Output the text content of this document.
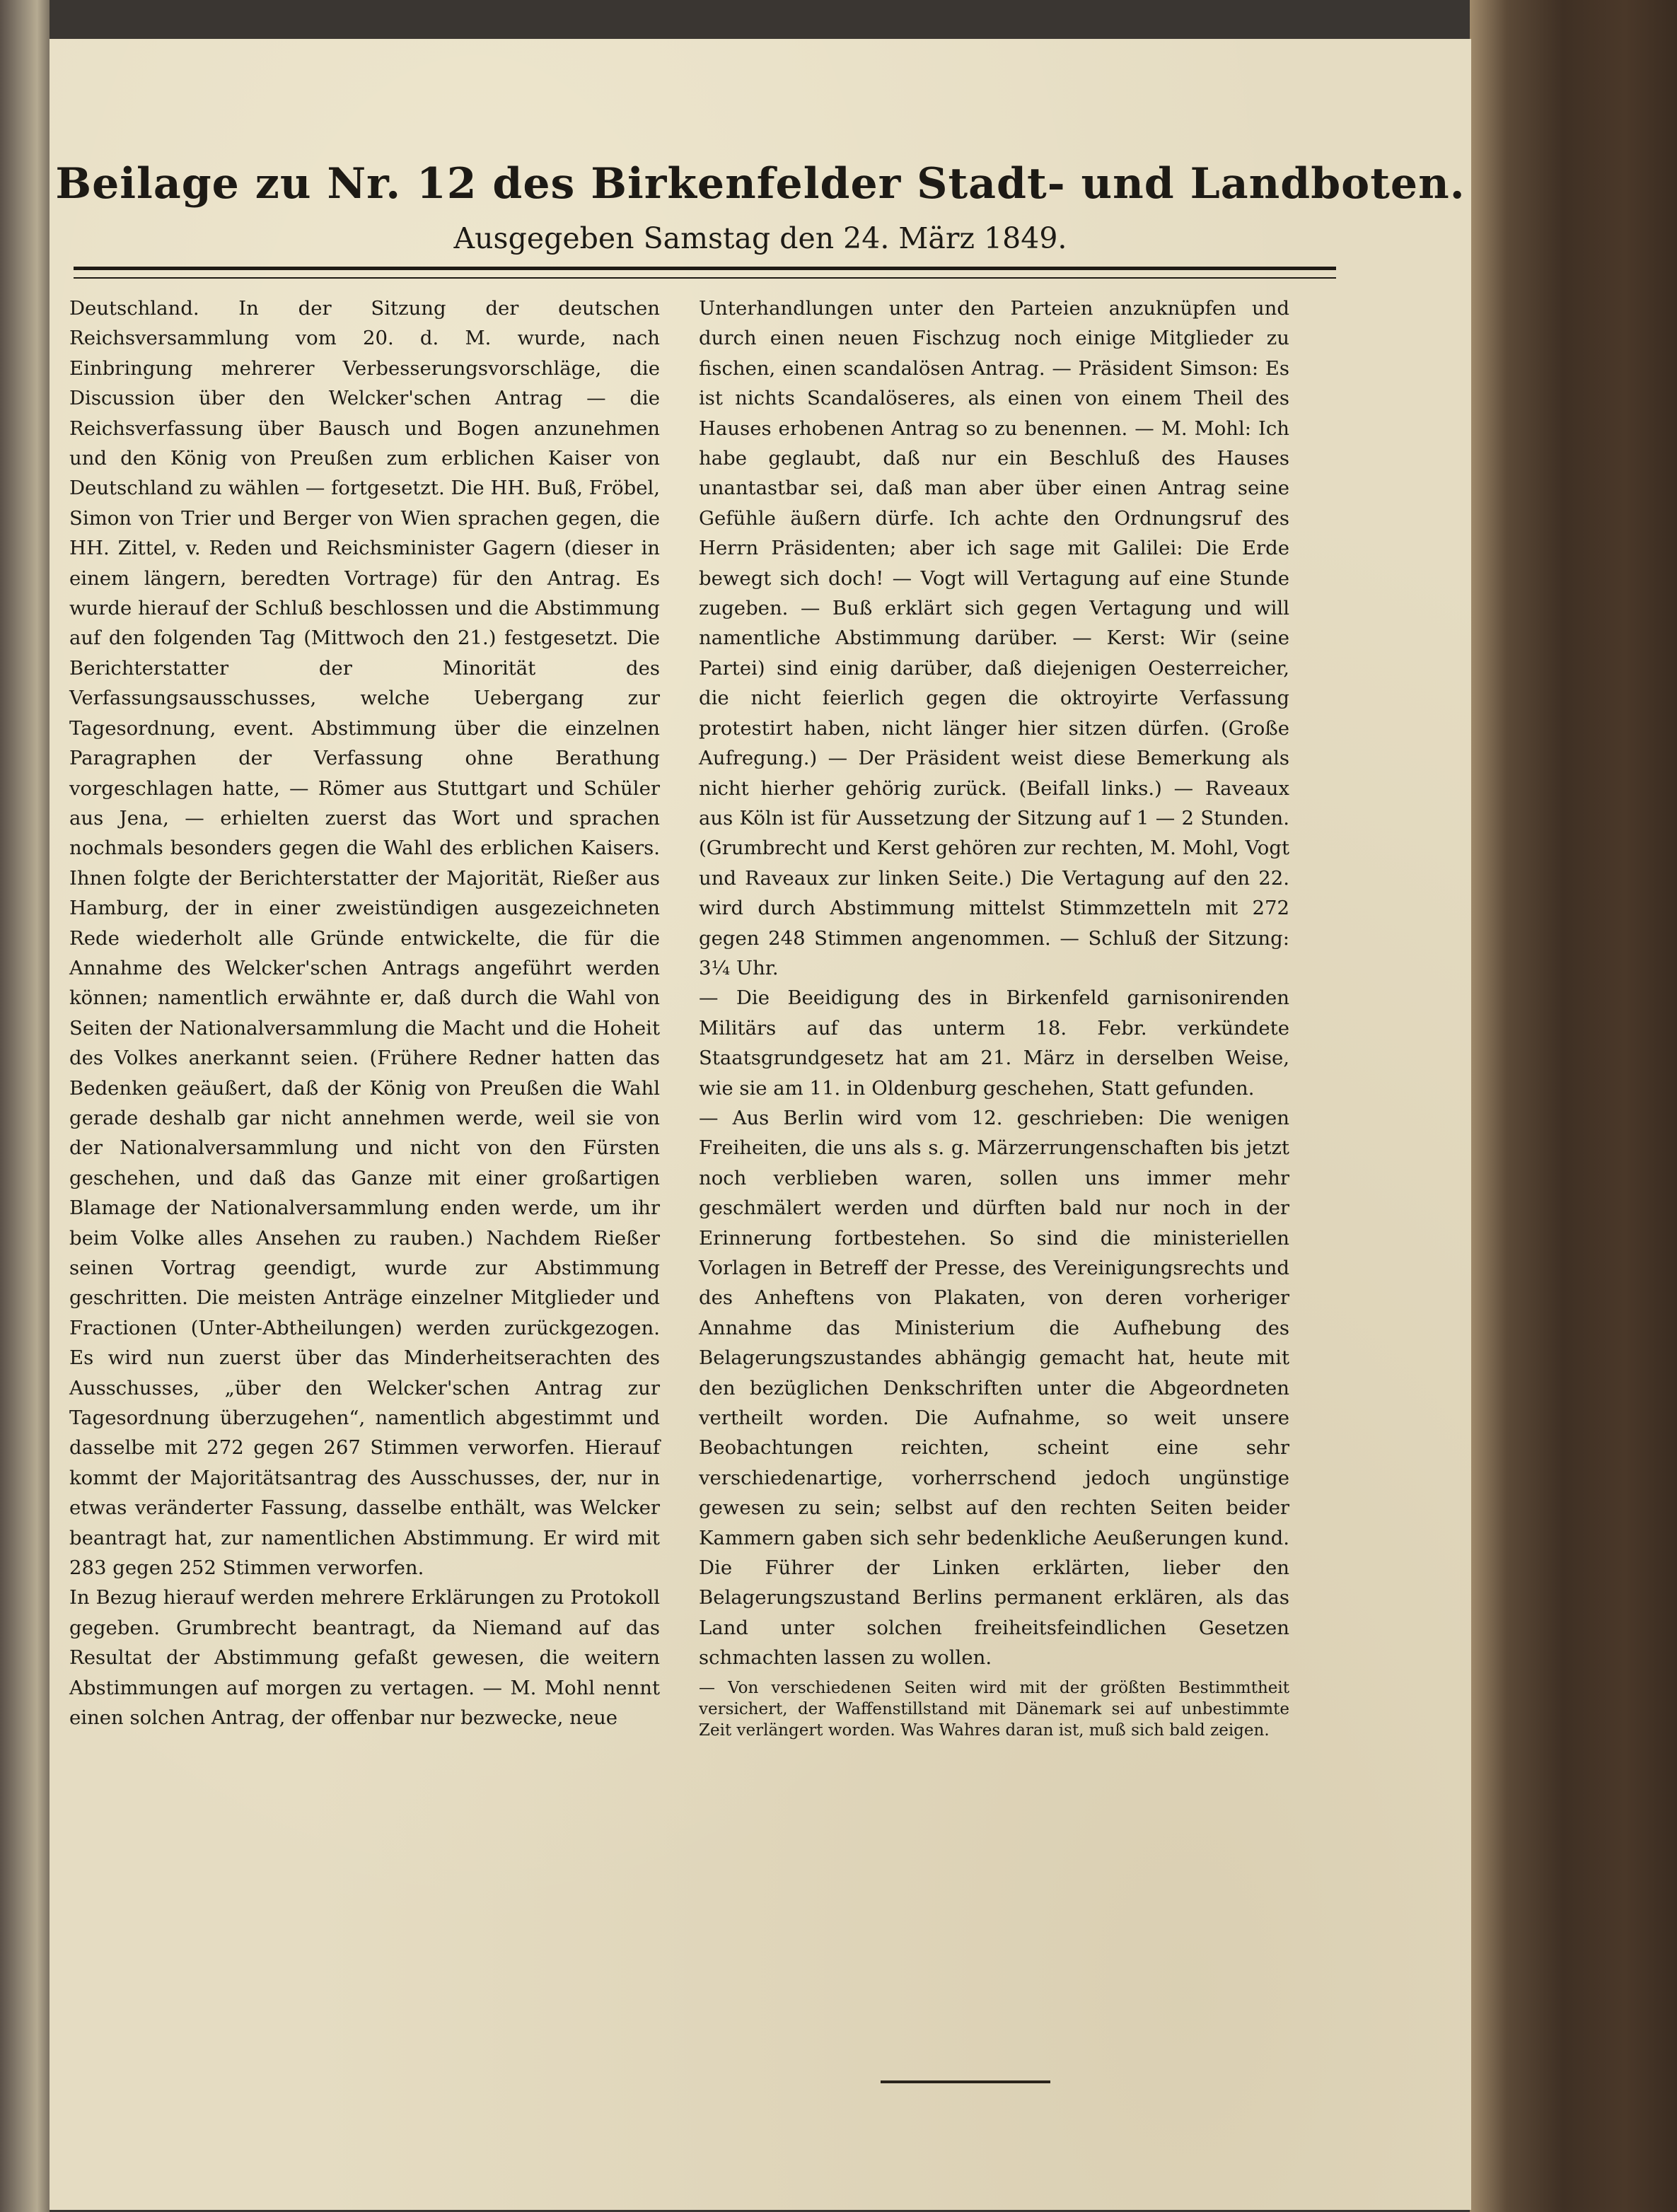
Beilage zu Nr. 12 des Birkenfelder Stadt- und Landboten.
Ausgegeben Samstag den 24. März 1849.

Deutschland. In der Sitzung der deutschen Reichsversammlung vom 20. d. M. wurde, nach Einbringung mehrerer Verbesserungsvorschläge, die Discussion über den Welcker'schen Antrag — die Reichsverfassung über Bausch und Bogen anzunehmen und den König von Preußen zum erblichen Kaiser von Deutschland zu wählen — fortgesetzt. Die HH. Buß, Fröbel, Simon von Trier und Berger von Wien sprachen gegen, die HH. Zittel, v. Reden und Reichsminister Gagern (dieser in einem längern, beredten Vortrage) für den Antrag. Es wurde hierauf der Schluß beschlossen und die Abstimmung auf den folgenden Tag (Mittwoch den 21.) festgesetzt. Die Berichterstatter der Minorität des Verfassungsausschusses, welche Uebergang zur Tagesordnung, event. Abstimmung über die einzelnen Paragraphen der Verfassung ohne Berathung vorgeschlagen hatte, — Römer aus Stuttgart und Schüler aus Jena, — erhielten zuerst das Wort und sprachen nochmals besonders gegen die Wahl des erblichen Kaisers. Ihnen folgte der Berichterstatter der Majorität, Rießer aus Hamburg, der in einer zweistündigen ausgezeichneten Rede wiederholt alle Gründe entwickelte, die für die Annahme des Welcker'schen Antrags angeführt werden können; namentlich erwähnte er, daß durch die Wahl von Seiten der Nationalversammlung die Macht und die Hoheit des Volkes anerkannt seien. (Frühere Redner hatten das Bedenken geäußert, daß der König von Preußen die Wahl gerade deshalb gar nicht annehmen werde, weil sie von der Nationalversammlung und nicht von den Fürsten geschehen, und daß das Ganze mit einer großartigen Blamage der Nationalversammlung enden werde, um ihr beim Volke alles Ansehen zu rauben.) Nachdem Rießer seinen Vortrag geendigt, wurde zur Abstimmung geschritten. Die meisten Anträge einzelner Mitglieder und Fractionen (Unter-Abtheilungen) werden zurückgezogen. Es wird nun zuerst über das Minderheitserachten des Ausschusses, „über den Welcker'schen Antrag zur Tagesordnung überzugehen“, namentlich abgestimmt und dasselbe mit 272 gegen 267 Stimmen verworfen. Hierauf kommt der Majoritätsantrag des Ausschusses, der, nur in etwas veränderter Fassung, dasselbe enthält, was Welcker beantragt hat, zur namentlichen Abstimmung. Er wird mit 283 gegen 252 Stimmen verworfen.

In Bezug hierauf werden mehrere Erklärungen zu Protokoll gegeben. Grumbrecht beantragt, da Niemand auf das Resultat der Abstimmung gefaßt gewesen, die weitern Abstimmungen auf morgen zu vertagen. — M. Mohl nennt einen solchen Antrag, der offenbar nur bezwecke, neue

Unterhandlungen unter den Parteien anzuknüpfen und durch einen neuen Fischzug noch einige Mitglieder zu fischen, einen scandalösen Antrag. — Präsident Simson: Es ist nichts Scandalöseres, als einen von einem Theil des Hauses erhobenen Antrag so zu benennen. — M. Mohl: Ich habe geglaubt, daß nur ein Beschluß des Hauses unantastbar sei, daß man aber über einen Antrag seine Gefühle äußern dürfe. Ich achte den Ordnungsruf des Herrn Präsidenten; aber ich sage mit Galilei: Die Erde bewegt sich doch! — Vogt will Vertagung auf eine Stunde zugeben. — Buß erklärt sich gegen Vertagung und will namentliche Abstimmung darüber. — Kerst: Wir (seine Partei) sind einig darüber, daß diejenigen Oesterreicher, die nicht feierlich gegen die oktroyirte Verfassung protestirt haben, nicht länger hier sitzen dürfen. (Große Aufregung.) — Der Präsident weist diese Bemerkung als nicht hierher gehörig zurück. (Beifall links.) — Raveaux aus Köln ist für Aussetzung der Sitzung auf 1 — 2 Stunden. (Grumbrecht und Kerst gehören zur rechten, M. Mohl, Vogt und Raveaux zur linken Seite.) Die Vertagung auf den 22. wird durch Abstimmung mittelst Stimmzetteln mit 272 gegen 248 Stimmen angenommen. — Schluß der Sitzung: 3¼ Uhr.

— Die Beeidigung des in Birkenfeld garnisonirenden Militärs auf das unterm 18. Febr. verkündete Staatsgrundgesetz hat am 21. März in derselben Weise, wie sie am 11. in Oldenburg geschehen, Statt gefunden.

— Aus Berlin wird vom 12. geschrieben: Die wenigen Freiheiten, die uns als s. g. Märzerrungenschaften bis jetzt noch verblieben waren, sollen uns immer mehr geschmälert werden und dürften bald nur noch in der Erinnerung fortbestehen. So sind die ministeriellen Vorlagen in Betreff der Presse, des Vereinigungsrechts und des Anheftens von Plakaten, von deren vorheriger Annahme das Ministerium die Aufhebung des Belagerungszustandes abhängig gemacht hat, heute mit den bezüglichen Denkschriften unter die Abgeordneten vertheilt worden. Die Aufnahme, so weit unsere Beobachtungen reichten, scheint eine sehr verschiedenartige, vorherrschend jedoch ungünstige gewesen zu sein; selbst auf den rechten Seiten beider Kammern gaben sich sehr bedenkliche Aeußerungen kund. Die Führer der Linken erklärten, lieber den Belagerungszustand Berlins permanent erklären, als das Land unter solchen freiheitsfeindlichen Gesetzen schmachten lassen zu wollen.

— Von verschiedenen Seiten wird mit der größten Bestimmtheit versichert, der Waffenstillstand mit Dänemark sei auf unbestimmte Zeit verlängert worden. Was Wahres daran ist, muß sich bald zeigen.
